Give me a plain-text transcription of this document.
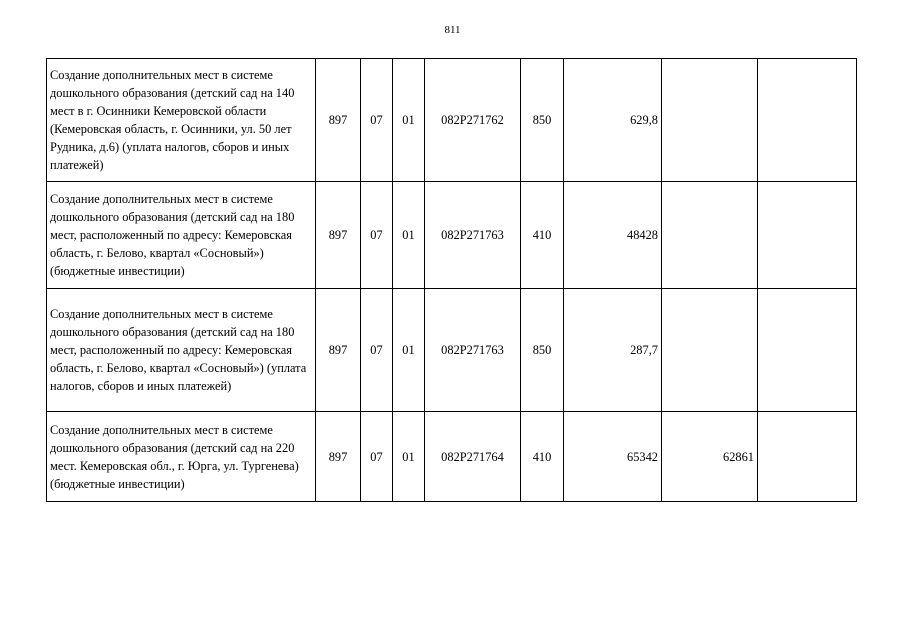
811
Создание дополнительных мест в системе дошкольного образования (детский сад на 140 мест в г. Осинники Кемеровской области (Кемеровская область, г. Осинники, ул. 50 лет Рудника, д.6) (уплата налогов, сборов и иных платежей)	897	07	01	082P271762	850	629,8		
Создание дополнительных мест в системе дошкольного образования (детский сад на 180 мест, расположенный по адресу: Кемеровская область, г. Белово, квартал «Сосновый») (бюджетные инвестиции)	897	07	01	082P271763	410	48428		
Создание дополнительных мест в системе дошкольного образования (детский сад на 180 мест, расположенный по адресу: Кемеровская область, г. Белово, квартал «Сосновый») (уплата налогов, сборов и иных платежей)	897	07	01	082P271763	850	287,7		
Создание дополнительных мест в системе дошкольного образования (детский сад на 220 мест. Кемеровская обл., г. Юрга, ул. Тургенева) (бюджетные инвестиции)	897	07	01	082P271764	410	65342	62861	
